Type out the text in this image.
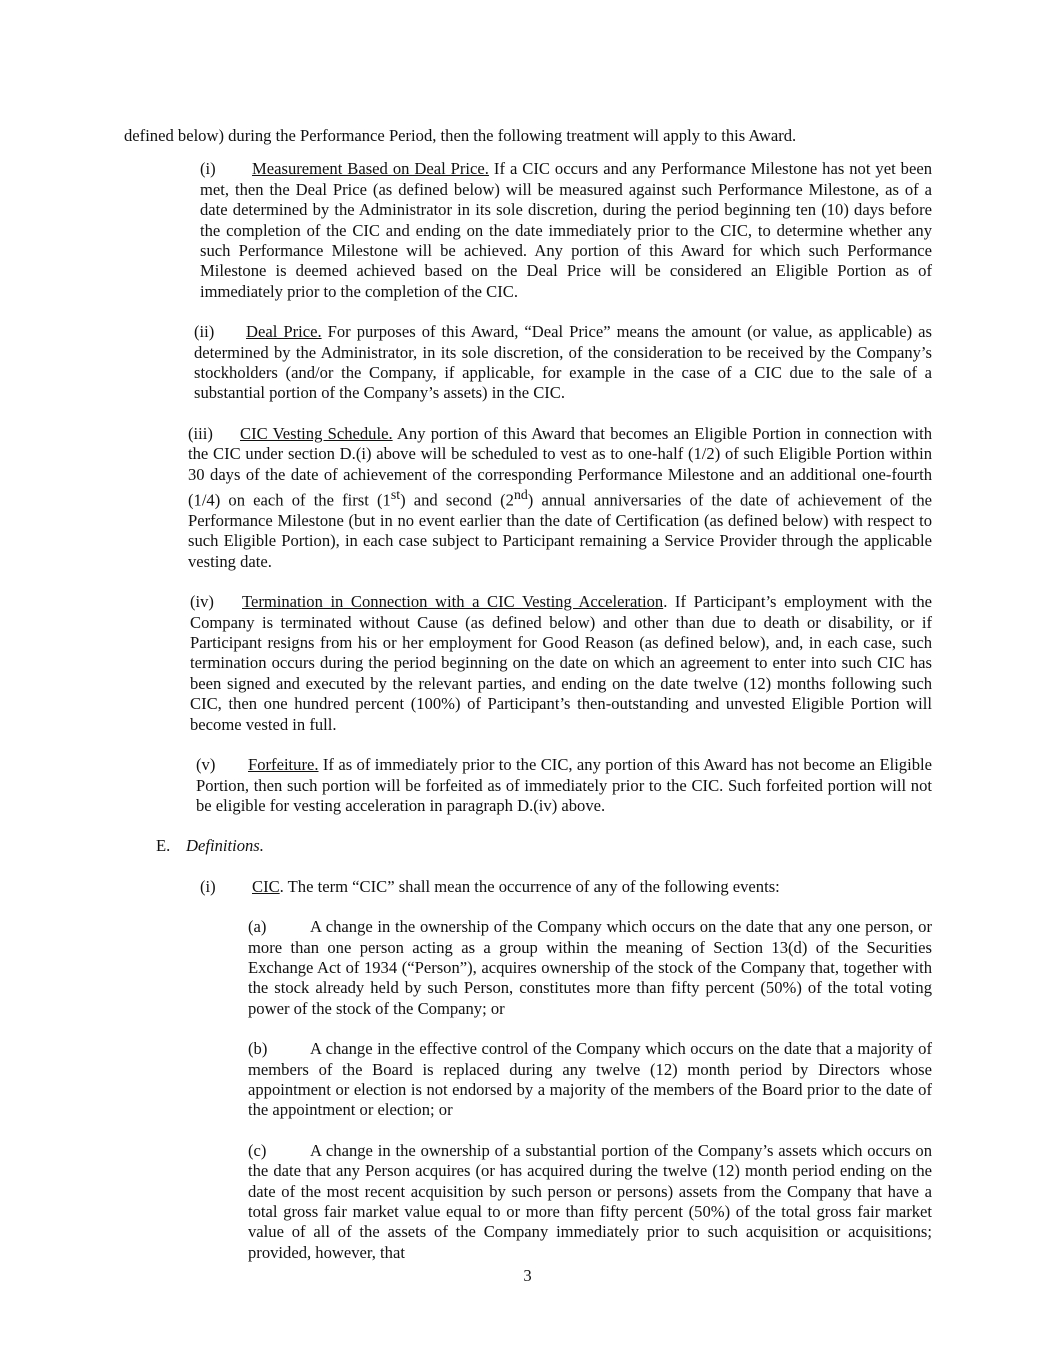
defined below) during the Performance Period, then the following treatment will apply to this Award.

(i) Measurement Based on Deal Price. If a CIC occurs and any Performance Milestone has not yet been met, then the Deal Price (as defined below) will be measured against such Performance Milestone, as of a date determined by the Administrator in its sole discretion, during the period beginning ten (10) days before the completion of the CIC and ending on the date immediately prior to the CIC, to determine whether any such Performance Milestone will be achieved. Any portion of this Award for which such Performance Milestone is deemed achieved based on the Deal Price will be considered an Eligible Portion as of immediately prior to the completion of the CIC.

(ii) Deal Price. For purposes of this Award, “Deal Price” means the amount (or value, as applicable) as determined by the Administrator, in its sole discretion, of the consideration to be received by the Company’s stockholders (and/or the Company, if applicable, for example in the case of a CIC due to the sale of a substantial portion of the Company’s assets) in the CIC.

(iii) CIC Vesting Schedule. Any portion of this Award that becomes an Eligible Portion in connection with the CIC under section D.(i) above will be scheduled to vest as to one-half (1/2) of such Eligible Portion within 30 days of the date of achievement of the corresponding Performance Milestone and an additional one-fourth (1/4) on each of the first (1st) and second (2nd) annual anniversaries of the date of achievement of the Performance Milestone (but in no event earlier than the date of Certification (as defined below) with respect to such Eligible Portion), in each case subject to Participant remaining a Service Provider through the applicable vesting date.

(iv) Termination in Connection with a CIC Vesting Acceleration. If Participant’s employment with the Company is terminated without Cause (as defined below) and other than due to death or disability, or if Participant resigns from his or her employment for Good Reason (as defined below), and, in each case, such termination occurs during the period beginning on the date on which an agreement to enter into such CIC has been signed and executed by the relevant parties, and ending on the date twelve (12) months following such CIC, then one hundred percent (100%) of Participant’s then-outstanding and unvested Eligible Portion will become vested in full.

(v) Forfeiture. If as of immediately prior to the CIC, any portion of this Award has not become an Eligible Portion, then such portion will be forfeited as of immediately prior to the CIC. Such forfeited portion will not be eligible for vesting acceleration in paragraph D.(iv) above.

E. Definitions.

(i) CIC. The term “CIC” shall mean the occurrence of any of the following events:

(a)	A change in the ownership of the Company which occurs on the date that any one person, or more than one person acting as a group within the meaning of Section 13(d) of the Securities Exchange Act of 1934 (“Person”), acquires ownership of the stock of the Company that, together with the stock already held by such Person, constitutes more than fifty percent (50%) of the total voting power of the stock of the Company; or

(b)	A change in the effective control of the Company which occurs on the date that a majority of members of the Board is replaced during any twelve (12) month period by Directors whose appointment or election is not endorsed by a majority of the members of the Board prior to the date of the appointment or election; or

(c)	A change in the ownership of a substantial portion of the Company’s assets which occurs on the date that any Person acquires (or has acquired during the twelve (12) month period ending on the date of the most recent acquisition by such person or persons) assets from the Company that have a total gross fair market value equal to or more than fifty percent (50%) of the total gross fair market value of all of the assets of the Company immediately prior to such acquisition or acquisitions; provided, however, that

3
